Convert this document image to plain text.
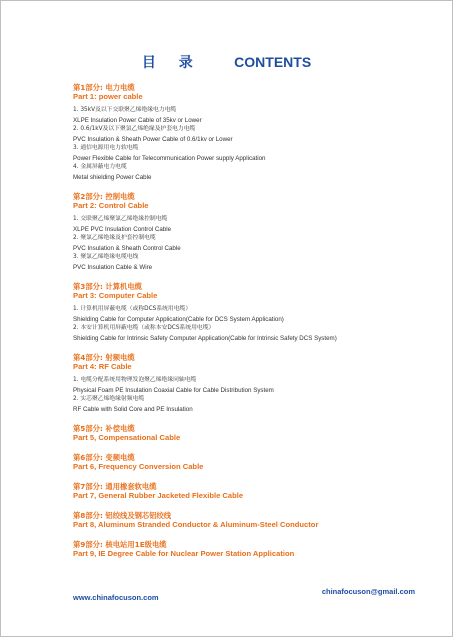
目 录 CONTENTS
第1部分: 电力电缆
Part 1: power cable
1. 35kV及以下交联聚乙烯绝缘电力电缆
XLPE Insulation Power Cable of 35kv or Lower
2. 0.6/1kV及以下聚氯乙烯绝缘及护套电力电缆
PVC Insulation & Sheath Power Cable of 0.6/1kv or Lower
3. 通信电源用电力软电缆
Power Flexible Cable for Telecommunication Power supply Application
4. 金属屏蔽电力电缆
Metal shielding Power Cable
第2部分: 控制电缆
Part 2: Control Cable
1. 交联聚乙烯聚氯乙烯绝缘控制电缆
XLPE PVC Insulation Control Cable
2. 聚氯乙烯绝缘及护套控制电缆
PVC Insulation & Sheath Control Cable
3. 聚氯乙烯绝缘电缆电线
PVC Insulation Cable & Wire
第3部分: 计算机电缆
Part 3: Computer Cable
1. 计算机用屏蔽电缆（或称DCS系统用电缆）
Shielding Cable for Computer Application(Cable for DCS System Application)
2. 本安计算机用屏蔽电缆（或称本安DCS系统用电缆）
Shielding Cable for Intrinsic Safety Computer Application(Cable for Intrinsic Safety DCS System)
第4部分: 射频电缆
Part 4: RF Cable
1. 电缆分配系统用物理发泡聚乙烯绝缘同轴电缆
Physical Foam PE Insulation Coaxial Cable for Cable Distribution System
2. 实芯聚乙烯绝缘射频电缆
RF Cable with Solid Core and PE Insulation
第5部分: 补偿电缆
Part 5, Compensational Cable
第6部分: 变频电缆
Part 6, Frequency Conversion Cable
第7部分: 通用橡套软电缆
Part 7, General Rubber Jacketed Flexible Cable
第8部分: 铝绞线及钢芯铝绞线
Part 8, Aluminum Stranded Conductor & Aluminum-Steel Conductor
第9部分: 核电站用1E级电缆
Part 9, IE Degree Cable for Nuclear Power Station Application
www.chinafocuson.com
chinafocuson@gmail.com
